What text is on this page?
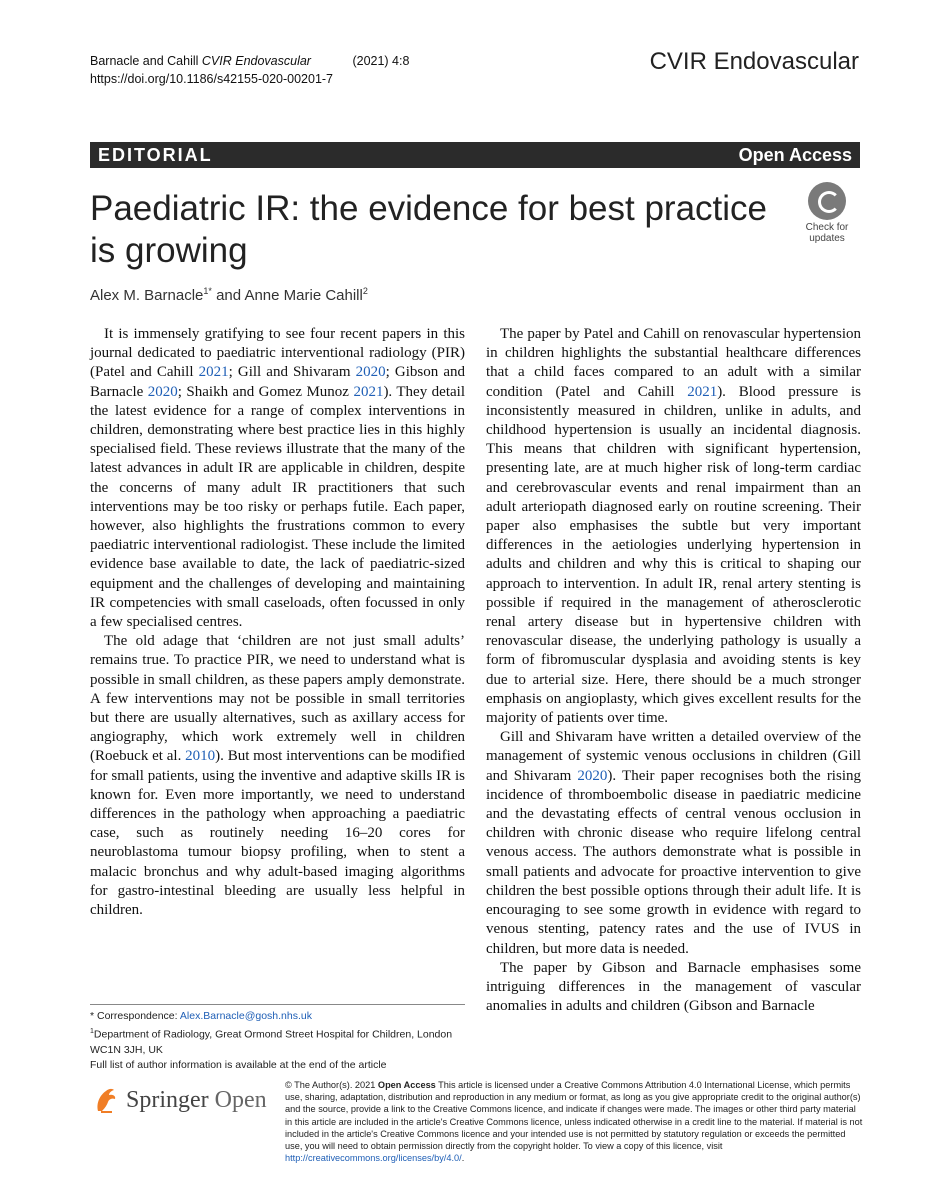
Barnacle and Cahill CVIR Endovascular	(2021) 4:8
https://doi.org/10.1186/s42155-020-00201-7
CVIR Endovascular
EDITORIAL	Open Access
Paediatric IR: the evidence for best practice is growing
Check for
updates
Alex M. Barnacle$^{1*}$ and Anne Marie Cahill$^2$

It is immensely gratifying to see four recent papers in this journal dedicated to paediatric interventional radiology (PIR) (Patel and Cahill 2021; Gill and Shivaram 2020; Gibson and Barnacle 2020; Shaikh and Gomez Munoz 2021). They detail the latest evidence for a range of complex interventions in children, demonstrating where best practice lies in this highly specialised field. These reviews illustrate that the many of the latest advances in adult IR are applicable in children, despite the concerns of many adult IR practitioners that such interventions may be too risky or perhaps futile. Each paper, however, also highlights the frustrations common to every paediatric interventional radiologist. These include the limited evidence base available to date, the lack of paediatric-sized equipment and the challenges of developing and maintaining IR competencies with small caseloads, often focussed in only a few specialised centres.

The old adage that ‘children are not just small adults’ remains true. To practice PIR, we need to understand what is possible in small children, as these papers amply demonstrate. A few interventions may not be possible in small territories but there are usually alternatives, such as axillary access for angiography, which work extremely well in children (Roebuck et al. 2010). But most interventions can be modified for small patients, using the inventive and adaptive skills IR is known for. Even more importantly, we need to understand differences in the pathology when approaching a paediatric case, such as routinely needing 16–20 cores for neuroblastoma tumour biopsy profiling, when to stent a malacic bronchus and why adult-based imaging algorithms for gastro-intestinal bleeding are usually less helpful in children.

The paper by Patel and Cahill on renovascular hypertension in children highlights the substantial healthcare differences that a child faces compared to an adult with a similar condition (Patel and Cahill 2021). Blood pressure is inconsistently measured in children, unlike in adults, and childhood hypertension is usually an incidental diagnosis. This means that children with significant hypertension, presenting late, are at much higher risk of long-term cardiac and cerebrovascular events and renal impairment than an adult arteriopath diagnosed early on routine screening. Their paper also emphasises the subtle but very important differences in the aetiologies underlying hypertension in adults and children and why this is critical to shaping our approach to intervention. In adult IR, renal artery stenting is possible if required in the management of atherosclerotic renal artery disease but in hypertensive children with renovascular disease, the underlying pathology is usually a form of fibromuscular dysplasia and avoiding stents is key due to arterial size. Here, there should be a much stronger emphasis on angioplasty, which gives excellent results for the majority of patients over time.

Gill and Shivaram have written a detailed overview of the management of systemic venous occlusions in children (Gill and Shivaram 2020). Their paper recognises both the rising incidence of thromboembolic disease in paediatric medicine and the devastating effects of central venous occlusion in children with chronic disease who require lifelong central venous access. The authors demonstrate what is possible in small patients and advocate for proactive intervention to give children the best possible options through their adult life. It is encouraging to see some growth in evidence with regard to venous stenting, patency rates and the use of IVUS in children, but more data is needed.

The paper by Gibson and Barnacle emphasises some intriguing differences in the management of vascular anomalies in adults and children (Gibson and Barnacle

* Correspondence: Alex.Barnacle@gosh.nhs.uk
$^1$Department of Radiology, Great Ormond Street Hospital for Children, London WC1N 3JH, UK
Full list of author information is available at the end of the article
Springer Open
© The Author(s). 2021 Open Access This article is licensed under a Creative Commons Attribution 4.0 International License, which permits use, sharing, adaptation, distribution and reproduction in any medium or format, as long as you give appropriate credit to the original author(s) and the source, provide a link to the Creative Commons licence, and indicate if changes were made. The images or other third party material in this article are included in the article's Creative Commons licence, unless indicated otherwise in a credit line to the material. If material is not included in the article's Creative Commons licence and your intended use is not permitted by statutory regulation or exceeds the permitted use, you will need to obtain permission directly from the copyright holder. To view a copy of this licence, visit http://creativecommons.org/licenses/by/4.0/.
